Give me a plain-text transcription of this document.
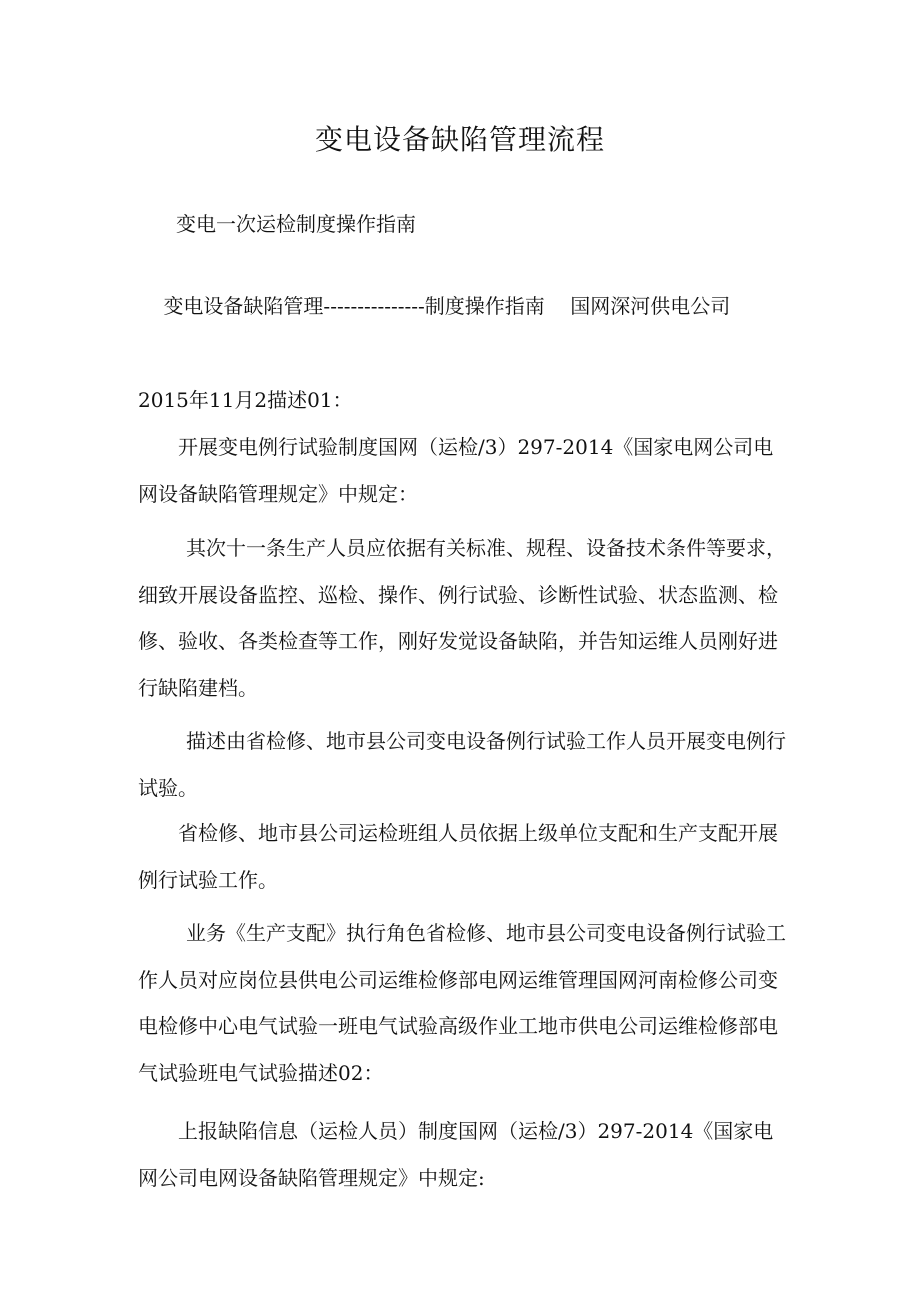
变电设备缺陷管理流程

变电一次运检制度操作指南

变电设备缺陷管理---------------制度操作指南    国网深河供电公司

2015年11月2描述01：

开展变电例行试验制度国网（运检/3）297-2014《国家电网公司电网设备缺陷管理规定》中规定：

其次十一条生产人员应依据有关标准、规程、设备技术条件等要求，细致开展设备监控、巡检、操作、例行试验、诊断性试验、状态监测、检修、验收、各类检查等工作，刚好发觉设备缺陷，并告知运维人员刚好进行缺陷建档。

描述由省检修、地市县公司变电设备例行试验工作人员开展变电例行试验。

省检修、地市县公司运检班组人员依据上级单位支配和生产支配开展例行试验工作。

业务《生产支配》执行角色省检修、地市县公司变电设备例行试验工作人员对应岗位县供电公司运维检修部电网运维管理国网河南检修公司变电检修中心电气试验一班电气试验高级作业工地市供电公司运维检修部电气试验班电气试验描述02：

上报缺陷信息（运检人员）制度国网（运检/3）297-2014《国家电网公司电网设备缺陷管理规定》中规定:
